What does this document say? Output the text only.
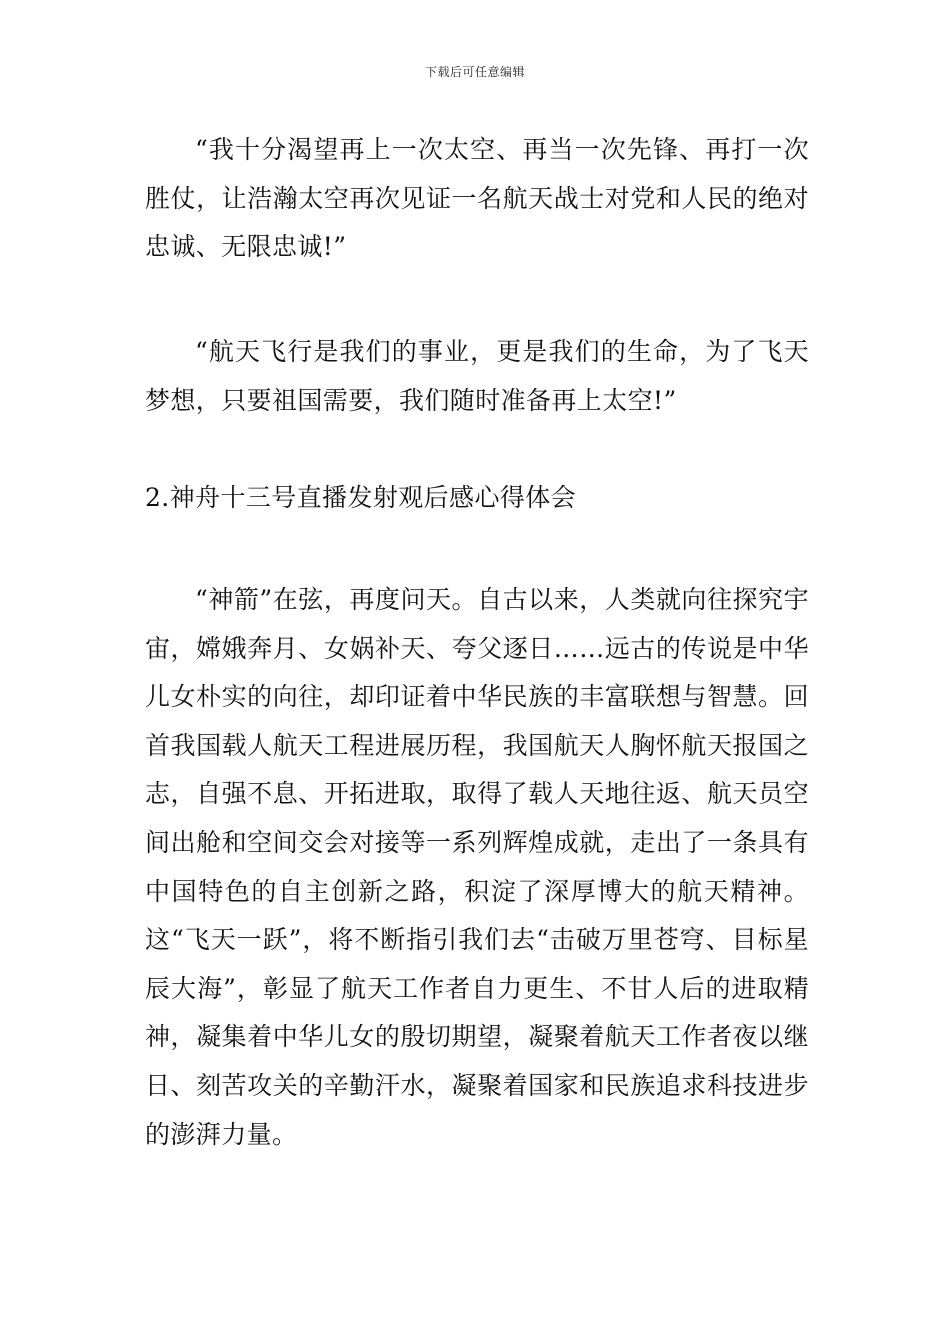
下载后可任意编辑

“我十分渴望再上一次太空、再当一次先锋、再打一次胜仗，让浩瀚太空再次见证一名航天战士对党和人民的绝对忠诚、无限忠诚!”

“航天飞行是我们的事业，更是我们的生命，为了飞天梦想，只要祖国需要，我们随时准备再上太空!”

2.神舟十三号直播发射观后感心得体会

“神箭”在弦，再度问天。自古以来，人类就向往探究宇宙，嫦娥奔月、女娲补天、夸父逐日……远古的传说是中华儿女朴实的向往，却印证着中华民族的丰富联想与智慧。回首我国载人航天工程进展历程，我国航天人胸怀航天报国之志，自强不息、开拓进取，取得了载人天地往返、航天员空间出舱和空间交会对接等一系列辉煌成就，走出了一条具有中国特色的自主创新之路，积淀了深厚博大的航天精神。这“飞天一跃”，将不断指引我们去“击破万里苍穹、目标星辰大海”，彰显了航天工作者自力更生、不甘人后的进取精神，凝集着中华儿女的殷切期望，凝聚着航天工作者夜以继日、刻苦攻关的辛勤汗水，凝聚着国家和民族追求科技进步的澎湃力量。
